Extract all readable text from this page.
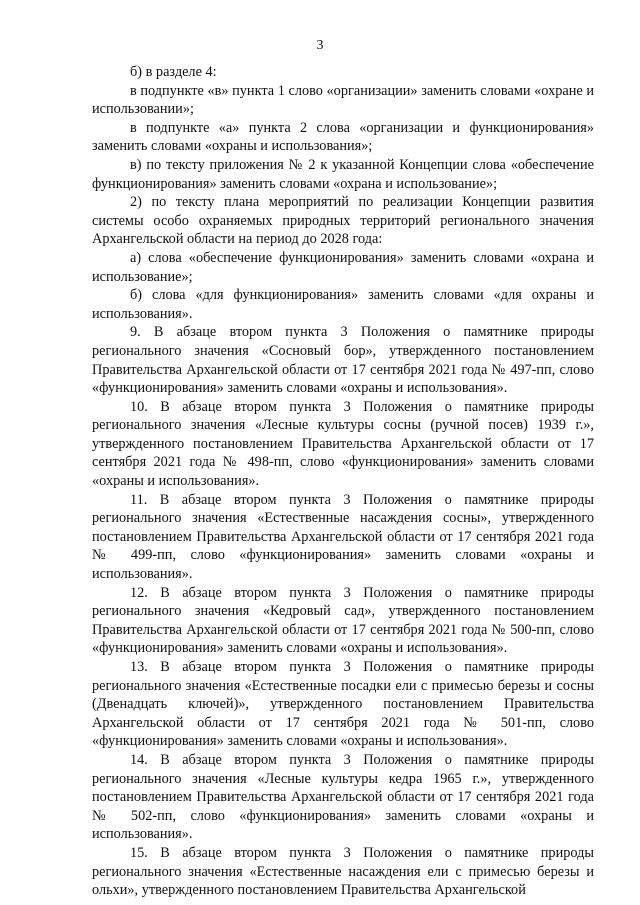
3

б) в разделе 4:

в подпункте «в» пункта 1 слово «организации» заменить словами «охране и использовании»;

в подпункте «а» пункта 2 слова «организации и функционирования» заменить словами «охраны и использования»;

в) по тексту приложения № 2 к указанной Концепции слова «обеспечение функционирования» заменить словами «охрана и использование»;

2) по тексту плана мероприятий по реализации Концепции развития системы особо охраняемых природных территорий регионального значения Архангельской области на период до 2028 года:

а) слова «обеспечение функционирования» заменить словами «охрана и использование»;

б) слова «для функционирования» заменить словами «для охраны и использования».

9. В абзаце втором пункта 3 Положения о памятнике природы регионального значения «Сосновый бор», утвержденного постановлением Правительства Архангельской области от 17 сентября 2021 года № 497-пп, слово «функционирования» заменить словами «охраны и использования».

10. В абзаце втором пункта 3 Положения о памятнике природы регионального значения «Лесные культуры сосны (ручной посев) 1939 г.», утвержденного постановлением Правительства Архангельской области от 17 сентября 2021 года № 498-пп, слово «функционирования» заменить словами «охраны и использования».

11. В абзаце втором пункта 3 Положения о памятнике природы регионального значения «Естественные насаждения сосны», утвержденного постановлением Правительства Архангельской области от 17 сентября 2021 года № 499-пп, слово «функционирования» заменить словами «охраны и использования».

12. В абзаце втором пункта 3 Положения о памятнике природы регионального значения «Кедровый сад», утвержденного постановлением Правительства Архангельской области от 17 сентября 2021 года № 500-пп, слово «функционирования» заменить словами «охраны и использования».

13. В абзаце втором пункта 3 Положения о памятнике природы регионального значения «Естественные посадки ели с примесью березы и сосны (Двенадцать ключей)», утвержденного постановлением Правительства Архангельской области от 17 сентября 2021 года № 501-пп, слово «функционирования» заменить словами «охраны и использования».

14. В абзаце втором пункта 3 Положения о памятнике природы регионального значения «Лесные культуры кедра 1965 г.», утвержденного постановлением Правительства Архангельской области от 17 сентября 2021 года № 502-пп, слово «функционирования» заменить словами «охраны и использования».

15. В абзаце втором пункта 3 Положения о памятнике природы регионального значения «Естественные насаждения ели с примесью березы и ольхи», утвержденного постановлением Правительства Архангельской
